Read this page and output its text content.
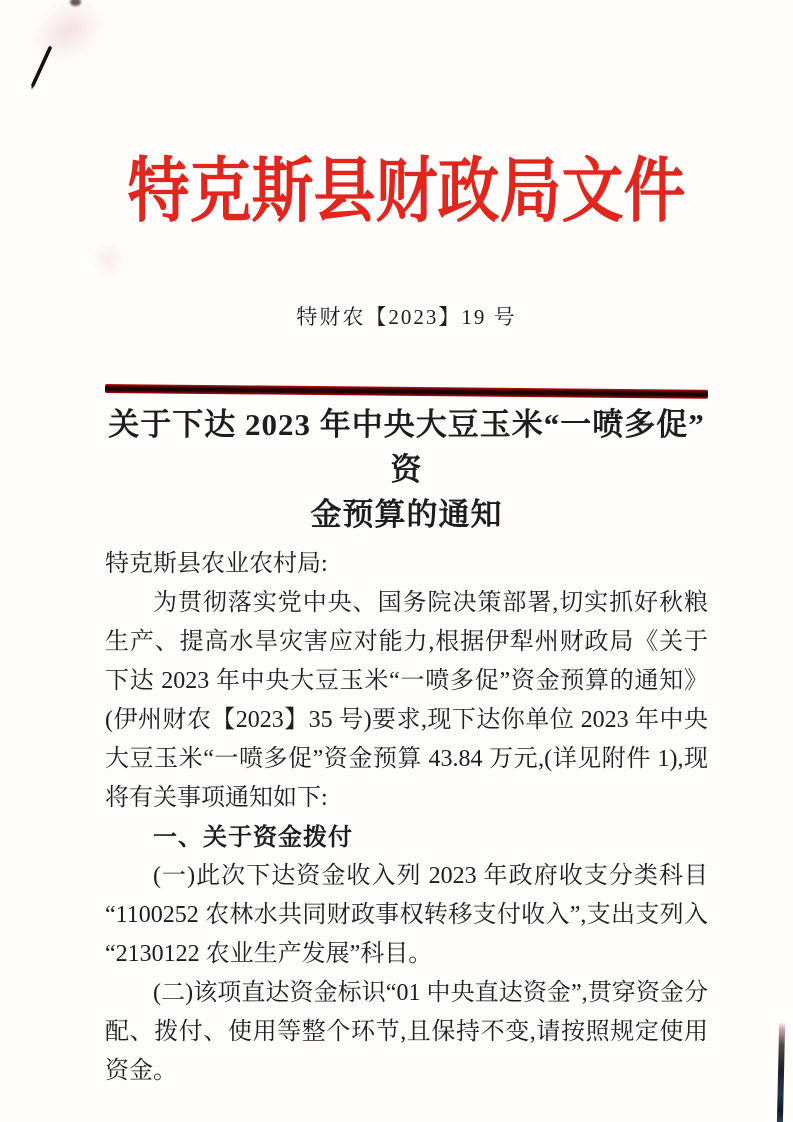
特克斯县财政局文件
特财农【2023】19 号
关于下达 2023 年中央大豆玉米“一喷多促”资
金预算的通知

特克斯县农业农村局:

为贯彻落实党中央、国务院决策部署,切实抓好秋粮生产、提高水旱灾害应对能力,根据伊犁州财政局《关于下达 2023 年中央大豆玉米“一喷多促”资金预算的通知》(伊州财农【2023】35 号)要求,现下达你单位 2023 年中央大豆玉米“一喷多促”资金预算 43.84 万元,(详见附件 1),现将有关事项通知如下:

一、关于资金拨付

(一)此次下达资金收入列 2023 年政府收支分类科目“1100252 农林水共同财政事权转移支付收入”,支出支列入“2130122 农业生产发展”科目。

(二)该项直达资金标识“01 中央直达资金”,贯穿资金分配、拨付、使用等整个环节,且保持不变,请按照规定使用资金。
